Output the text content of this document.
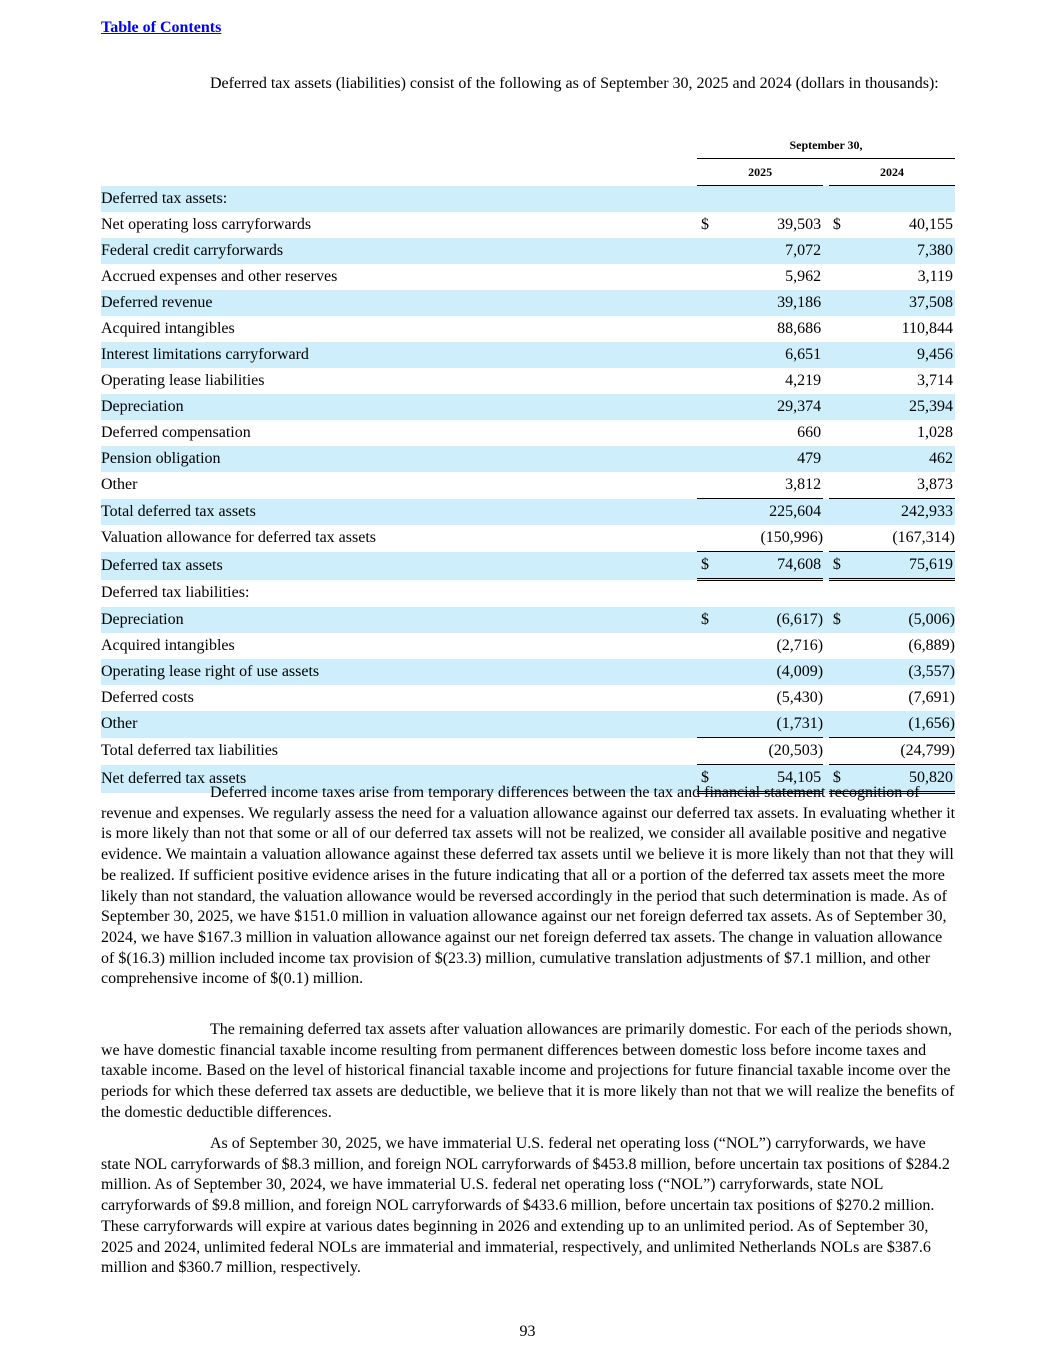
Table of Contents

Deferred tax assets (liabilities) consist of the following as of September 30, 2025 and 2024 (dollars in thousands):

		September 30,				
		2025			2024	
Deferred tax assets:						
Net operating loss carryforwards		$	39,503		$	40,155
Federal credit carryforwards			7,072			7,380
Accrued expenses and other reserves			5,962			3,119
Deferred revenue			39,186			37,508
Acquired intangibles			88,686			110,844
Interest limitations carryforward			6,651			9,456
Operating lease liabilities			4,219			3,714
Depreciation			29,374			25,394
Deferred compensation			660			1,028
Pension obligation			479			462
Other			3,812			3,873
Total deferred tax assets			225,604			242,933
Valuation allowance for deferred tax assets			(150,996)			(167,314)
Deferred tax assets		$	74,608		$	75,619
Deferred tax liabilities:						
Depreciation		$	(6,617)		$	(5,006)
Acquired intangibles			(2,716)			(6,889)
Operating lease right of use assets			(4,009)			(3,557)
Deferred costs			(5,430)			(7,691)
Other			(1,731)			(1,656)
Total deferred tax liabilities			(20,503)			(24,799)
Net deferred tax assets		$	54,105		$	50,820

Deferred income taxes arise from temporary differences between the tax and financial statement recognition of revenue and expenses. We regularly assess the need for a valuation allowance against our deferred tax assets. In evaluating whether it is more likely than not that some or all of our deferred tax assets will not be realized, we consider all available positive and negative evidence. We maintain a valuation allowance against these deferred tax assets until we believe it is more likely than not that they will be realized. If sufficient positive evidence arises in the future indicating that all or a portion of the deferred tax assets meet the more likely than not standard, the valuation allowance would be reversed accordingly in the period that such determination is made. As of September 30, 2025, we have $151.0 million in valuation allowance against our net foreign deferred tax assets. As of September 30, 2024, we have $167.3 million in valuation allowance against our net foreign deferred tax assets. The change in valuation allowance of $(16.3) million included income tax provision of $(23.3) million, cumulative translation adjustments of $7.1 million, and other comprehensive income of $(0.1) million.

The remaining deferred tax assets after valuation allowances are primarily domestic. For each of the periods shown, we have domestic financial taxable income resulting from permanent differences between domestic loss before income taxes and taxable income. Based on the level of historical financial taxable income and projections for future financial taxable income over the periods for which these deferred tax assets are deductible, we believe that it is more likely than not that we will realize the benefits of the domestic deductible differences.

As of September 30, 2025, we have immaterial U.S. federal net operating loss (“NOL”) carryforwards, we have state NOL carryforwards of $8.3 million, and foreign NOL carryforwards of $453.8 million, before uncertain tax positions of $284.2 million. As of September 30, 2024, we have immaterial U.S. federal net operating loss (“NOL”) carryforwards, state NOL carryforwards of $9.8 million, and foreign NOL carryforwards of $433.6 million, before uncertain tax positions of $270.2 million. These carryforwards will expire at various dates beginning in 2026 and extending up to an unlimited period. As of September 30, 2025 and 2024, unlimited federal NOLs are immaterial and immaterial, respectively, and unlimited Netherlands NOLs are $387.6 million and $360.7 million, respectively.

93
